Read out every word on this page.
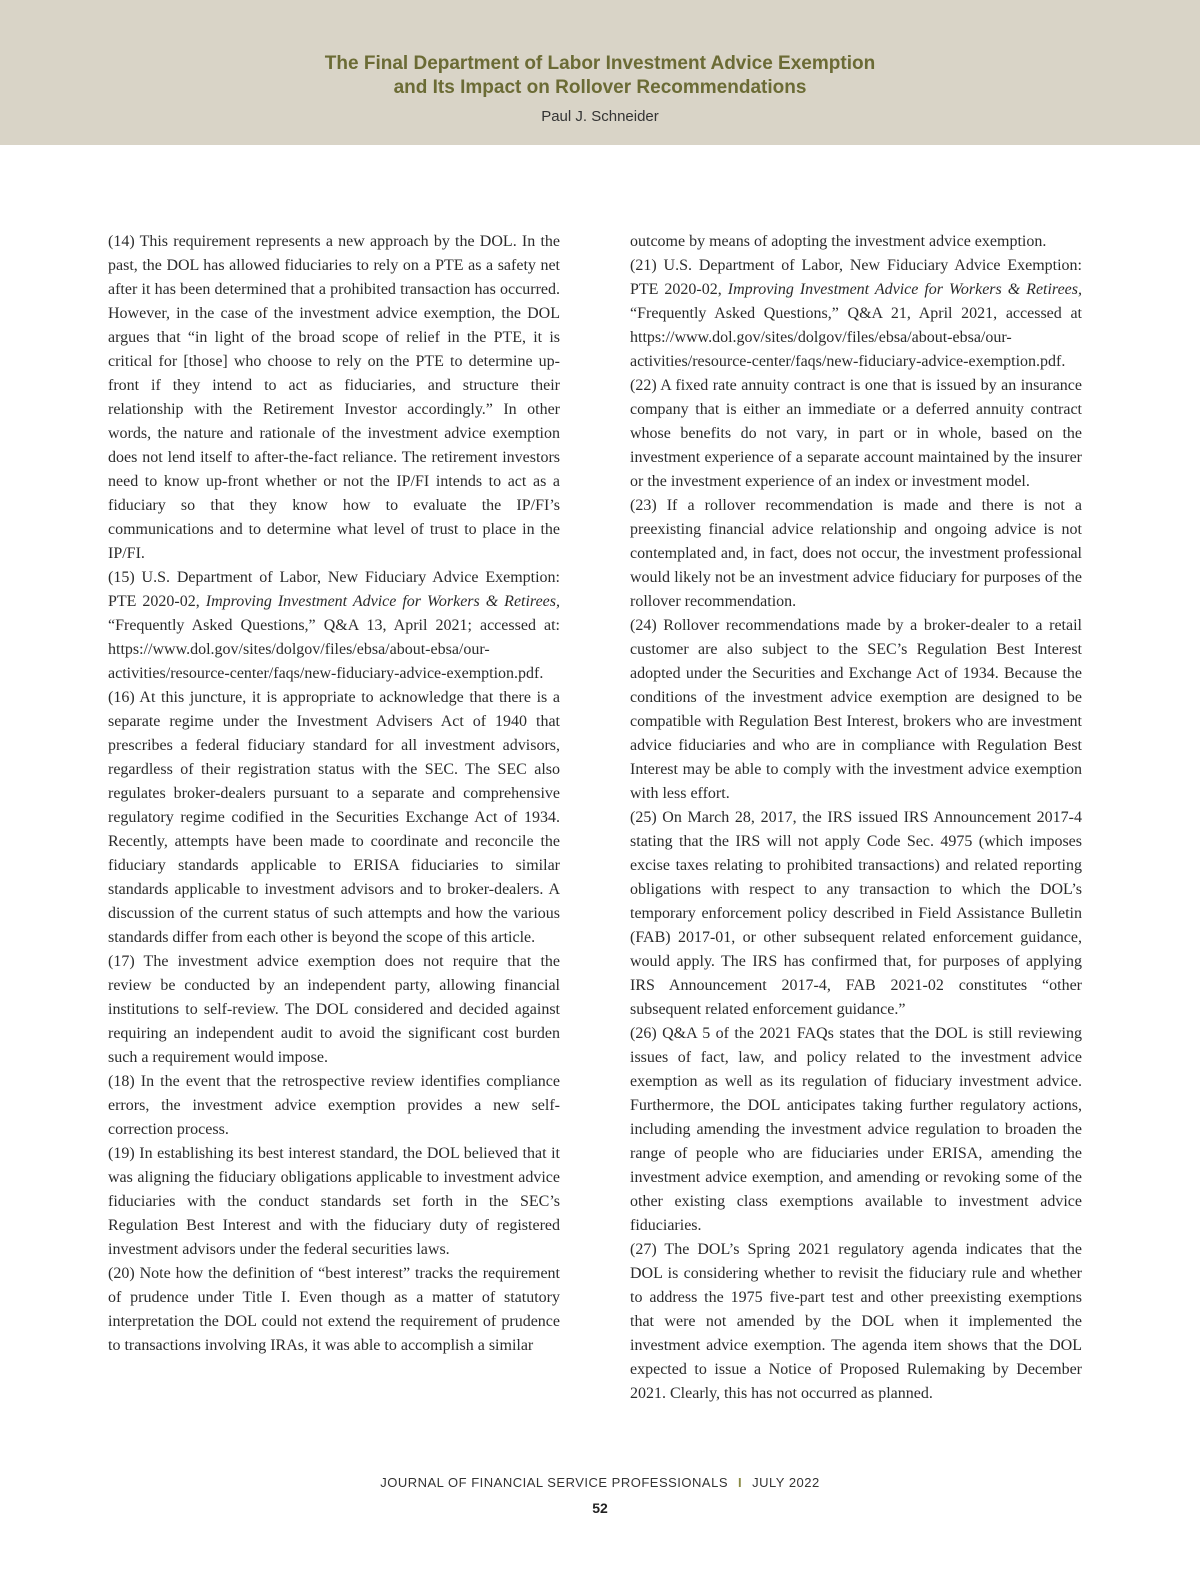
The Final Department of Labor Investment Advice Exemption
and Its Impact on Rollover Recommendations
Paul J. Schneider

(14) This requirement represents a new approach by the DOL. In the past, the DOL has allowed fiduciaries to rely on a PTE as a safety net after it has been determined that a prohibited transaction has occurred. However, in the case of the investment advice exemption, the DOL argues that “in light of the broad scope of relief in the PTE, it is critical for [those] who choose to rely on the PTE to determine up-front if they intend to act as fiduciaries, and structure their relationship with the Retirement Investor accordingly.” In other words, the nature and rationale of the investment advice exemption does not lend itself to after-the-fact reliance. The retirement investors need to know up-front whether or not the IP/FI intends to act as a fiduciary so that they know how to evaluate the IP/FI’s communications and to determine what level of trust to place in the IP/FI.

(15) U.S. Department of Labor, New Fiduciary Advice Exemption: PTE 2020-02, Improving Investment Advice for Workers & Retirees, “Frequently Asked Questions,” Q&A 13, April 2021; accessed at: https://www.dol.gov/sites/dolgov/files/ebsa/about-ebsa/our-activities/resource-center/faqs/new-fiduciary-advice-exemption.pdf.

(16) At this juncture, it is appropriate to acknowledge that there is a separate regime under the Investment Advisers Act of 1940 that prescribes a federal fiduciary standard for all investment advisors, regardless of their registration status with the SEC. The SEC also regulates broker-dealers pursuant to a separate and comprehensive regulatory regime codified in the Securities Exchange Act of 1934. Recently, attempts have been made to coordinate and reconcile the fiduciary standards applicable to ERISA fiduciaries to similar standards applicable to investment advisors and to broker-dealers. A discussion of the current status of such attempts and how the various standards differ from each other is beyond the scope of this article.

(17) The investment advice exemption does not require that the review be conducted by an independent party, allowing financial institutions to self-review. The DOL considered and decided against requiring an independent audit to avoid the significant cost burden such a requirement would impose.

(18) In the event that the retrospective review identifies compliance errors, the investment advice exemption provides a new self-correction process.

(19) In establishing its best interest standard, the DOL believed that it was aligning the fiduciary obligations applicable to investment advice fiduciaries with the conduct standards set forth in the SEC’s Regulation Best Interest and with the fiduciary duty of registered investment advisors under the federal securities laws.

(20) Note how the definition of “best interest” tracks the requirement of prudence under Title I. Even though as a matter of statutory interpretation the DOL could not extend the requirement of prudence to transactions involving IRAs, it was able to accomplish a similar

outcome by means of adopting the investment advice exemption.

(21) U.S. Department of Labor, New Fiduciary Advice Exemption: PTE 2020-02, Improving Investment Advice for Workers & Retirees, “Frequently Asked Questions,” Q&A 21, April 2021, accessed at https://www.dol.gov/sites/dolgov/files/ebsa/about-ebsa/our-activities/resource-center/faqs/new-fiduciary-advice-exemption.pdf.

(22) A fixed rate annuity contract is one that is issued by an insurance company that is either an immediate or a deferred annuity contract whose benefits do not vary, in part or in whole, based on the investment experience of a separate account maintained by the insurer or the investment experience of an index or investment model.

(23) If a rollover recommendation is made and there is not a preexisting financial advice relationship and ongoing advice is not contemplated and, in fact, does not occur, the investment professional would likely not be an investment advice fiduciary for purposes of the rollover recommendation.

(24) Rollover recommendations made by a broker-dealer to a retail customer are also subject to the SEC’s Regulation Best Interest adopted under the Securities and Exchange Act of 1934. Because the conditions of the investment advice exemption are designed to be compatible with Regulation Best Interest, brokers who are investment advice fiduciaries and who are in compliance with Regulation Best Interest may be able to comply with the investment advice exemption with less effort.

(25) On March 28, 2017, the IRS issued IRS Announcement 2017-4 stating that the IRS will not apply Code Sec. 4975 (which imposes excise taxes relating to prohibited transactions) and related reporting obligations with respect to any transaction to which the DOL’s temporary enforcement policy described in Field Assistance Bulletin (FAB) 2017-01, or other subsequent related enforcement guidance, would apply. The IRS has confirmed that, for purposes of applying IRS Announcement 2017-4, FAB 2021-02 constitutes “other subsequent related enforcement guidance.”

(26) Q&A 5 of the 2021 FAQs states that the DOL is still reviewing issues of fact, law, and policy related to the investment advice exemption as well as its regulation of fiduciary investment advice. Furthermore, the DOL anticipates taking further regulatory actions, including amending the investment advice regulation to broaden the range of people who are fiduciaries under ERISA, amending the investment advice exemption, and amending or revoking some of the other existing class exemptions available to investment advice fiduciaries.

(27) The DOL’s Spring 2021 regulatory agenda indicates that the DOL is considering whether to revisit the fiduciary rule and whether to address the 1975 five-part test and other preexisting exemptions that were not amended by the DOL when it implemented the investment advice exemption. The agenda item shows that the DOL expected to issue a Notice of Proposed Rulemaking by December 2021. Clearly, this has not occurred as planned.

JOURNAL OF FINANCIAL SERVICE PROFESSIONALS I JULY 2022
52
